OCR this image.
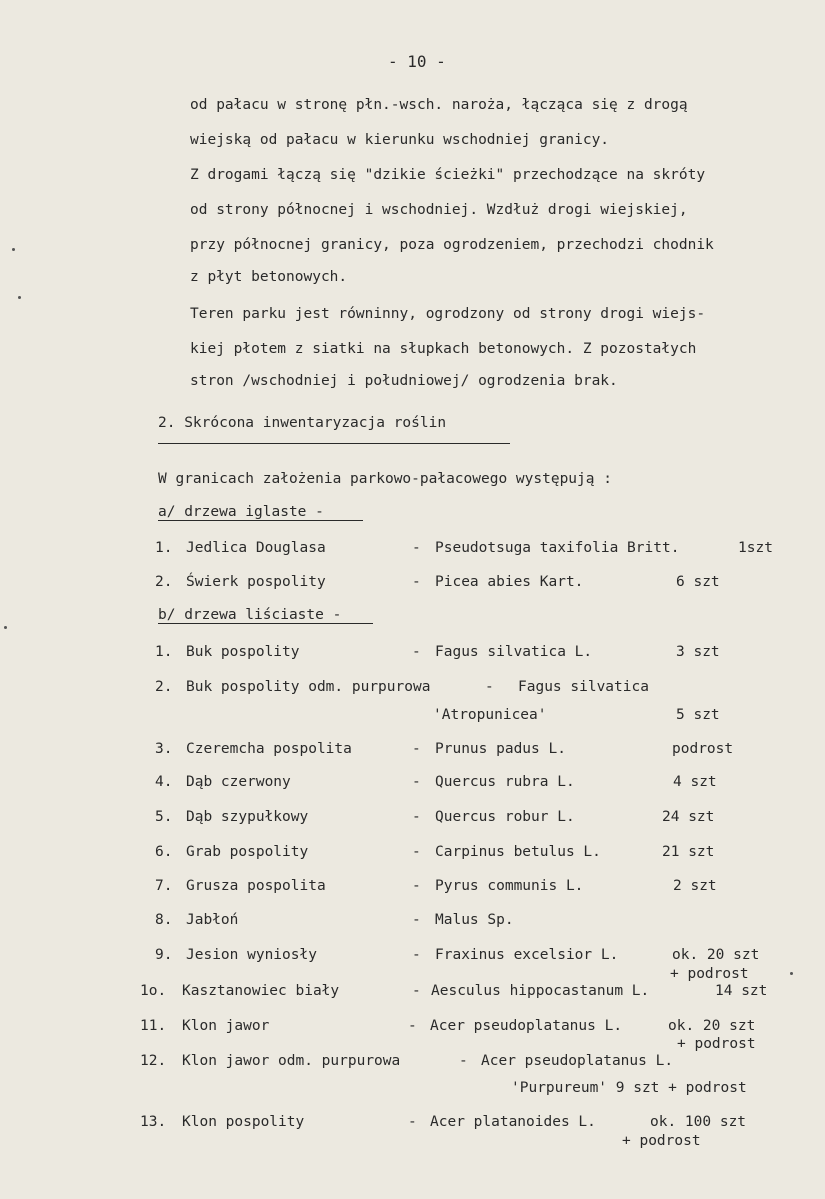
- 10 -
od pałacu w stronę płn.-wsch. naroża, łącząca się z drogą
wiejską od pałacu w kierunku wschodniej granicy.
Z drogami łączą się "dzikie ścieżki" przechodzące na skróty
od strony północnej i wschodniej. Wzdłuż drogi wiejskiej,
przy północnej granicy, poza ogrodzeniem, przechodzi chodnik
z płyt betonowych.
Teren parku jest równinny, ogrodzony od strony drogi wiejs-
kiej płotem z siatki na słupkach betonowych. Z pozostałych
stron /wschodniej i południowej/ ogrodzenia brak.
2. Skrócona inwentaryzacja roślin
W granicach założenia parkowo-pałacowego występują :
a/ drzewa iglaste -
1. Jedlica Douglasa	- Pseudotsuga taxifolia Britt.	1szt
2. Świerk pospolity	- Picea abies Kart.	6 szt
b/ drzewa liściaste -
1. Buk pospolity	- Fagus silvatica L.	3 szt
2. Buk pospolity odm. purpurowa	- Fagus silvatica
'Atropunicea'	5 szt
3. Czeremcha pospolita	- Prunus padus L.	podrost
4. Dąb czerwony	- Quercus rubra L.	4 szt
5. Dąb szypułkowy	- Quercus robur L.	24 szt
6. Grab pospolity	- Carpinus betulus L.	21 szt
7. Grusza pospolita	- Pyrus communis L.	2 szt
8. Jabłoń	- Malus Sp.
9. Jesion wyniosły	- Fraxinus excelsior L.	ok. 20 szt
+ podrost
1o. Kasztanowiec biały	- Aesculus hippocastanum L.	14 szt
11. Klon jawor	- Acer pseudoplatanus L.	ok. 20 szt
+ podrost
12. Klon jawor odm. purpurowa	- Acer pseudoplatanus L.
'Purpureum' 9 szt + podrost
13. Klon pospolity	- Acer platanoides L.	ok. 100 szt
+ podrost
